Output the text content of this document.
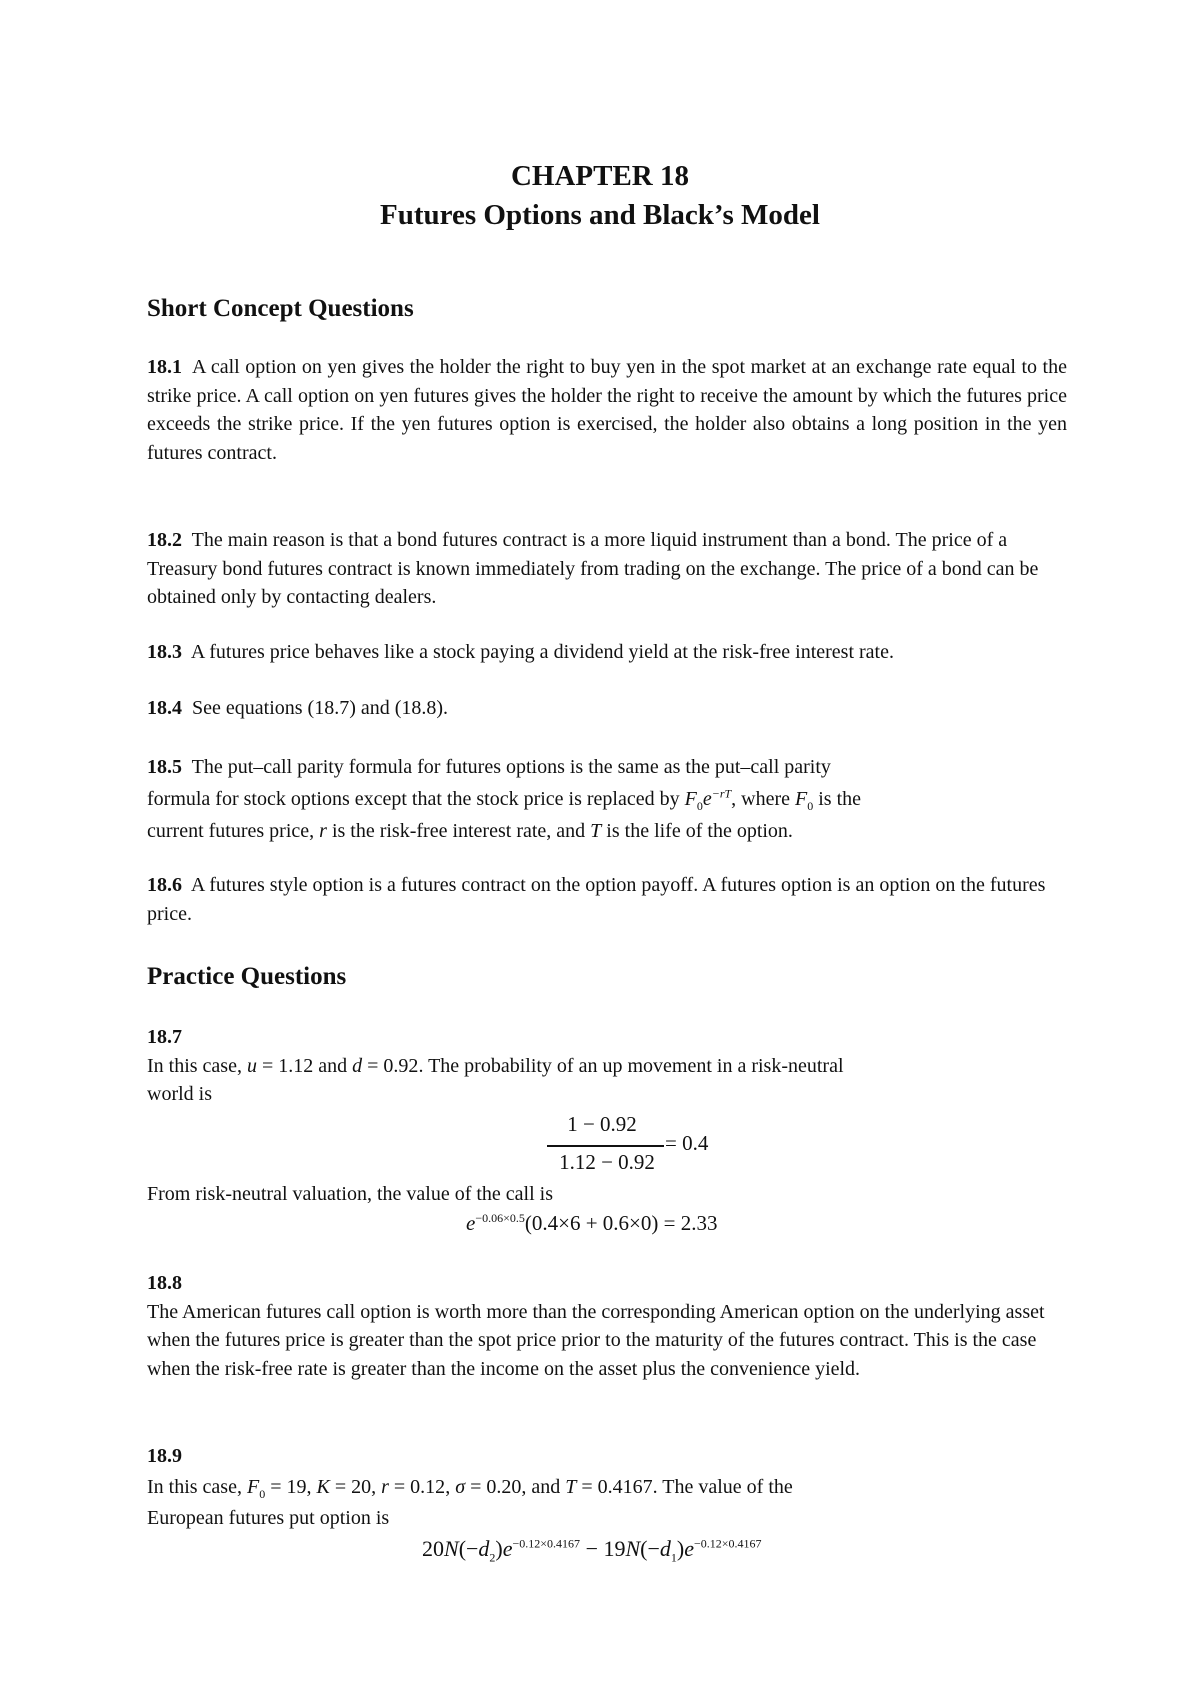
CHAPTER 18
Futures Options and Black’s Model
Short Concept Questions
18.1 A call option on yen gives the holder the right to buy yen in the spot market at an exchange rate equal to the strike price. A call option on yen futures gives the holder the right to receive the amount by which the futures price exceeds the strike price. If the yen futures option is exercised, the holder also obtains a long position in the yen futures contract.
18.2 The main reason is that a bond futures contract is a more liquid instrument than a bond. The price of a Treasury bond futures contract is known immediately from trading on the exchange. The price of a bond can be obtained only by contacting dealers.
18.3 A futures price behaves like a stock paying a dividend yield at the risk-free interest rate.
18.4 See equations (18.7) and (18.8).
18.5 The put–call parity formula for futures options is the same as the put–call parity
formula for stock options except that the stock price is replaced by $F_0e^{-rT}$, where $F_0$ is the
current futures price, r is the risk-free interest rate, and T is the life of the option.
18.6 A futures style option is a futures contract on the option payoff. A futures option is an option on the futures price.
Practice Questions
18.7
In this case, u = 1.12 and d = 0.92. The probability of an up movement in a risk-neutral
world is
1 − 0.92
1.12 − 0.92
= 0.4
From risk-neutral valuation, the value of the call is
$e^{-0.06\times 0.5}(0.4\times 6 + 0.6\times 0) = 2.33$
18.8
The American futures call option is worth more than the corresponding American option on the underlying asset when the futures price is greater than the spot price prior to the maturity of the futures contract. This is the case when the risk-free rate is greater than the income on the asset plus the convenience yield.
18.9
In this case, $F_0 = 19$, K = 20, r = 0.12, σ = 0.20, and T = 0.4167. The value of the
European futures put option is
$20N(-d_2)e^{-0.12\times 0.4167} - 19N(-d_1)e^{-0.12\times 0.4167}$
